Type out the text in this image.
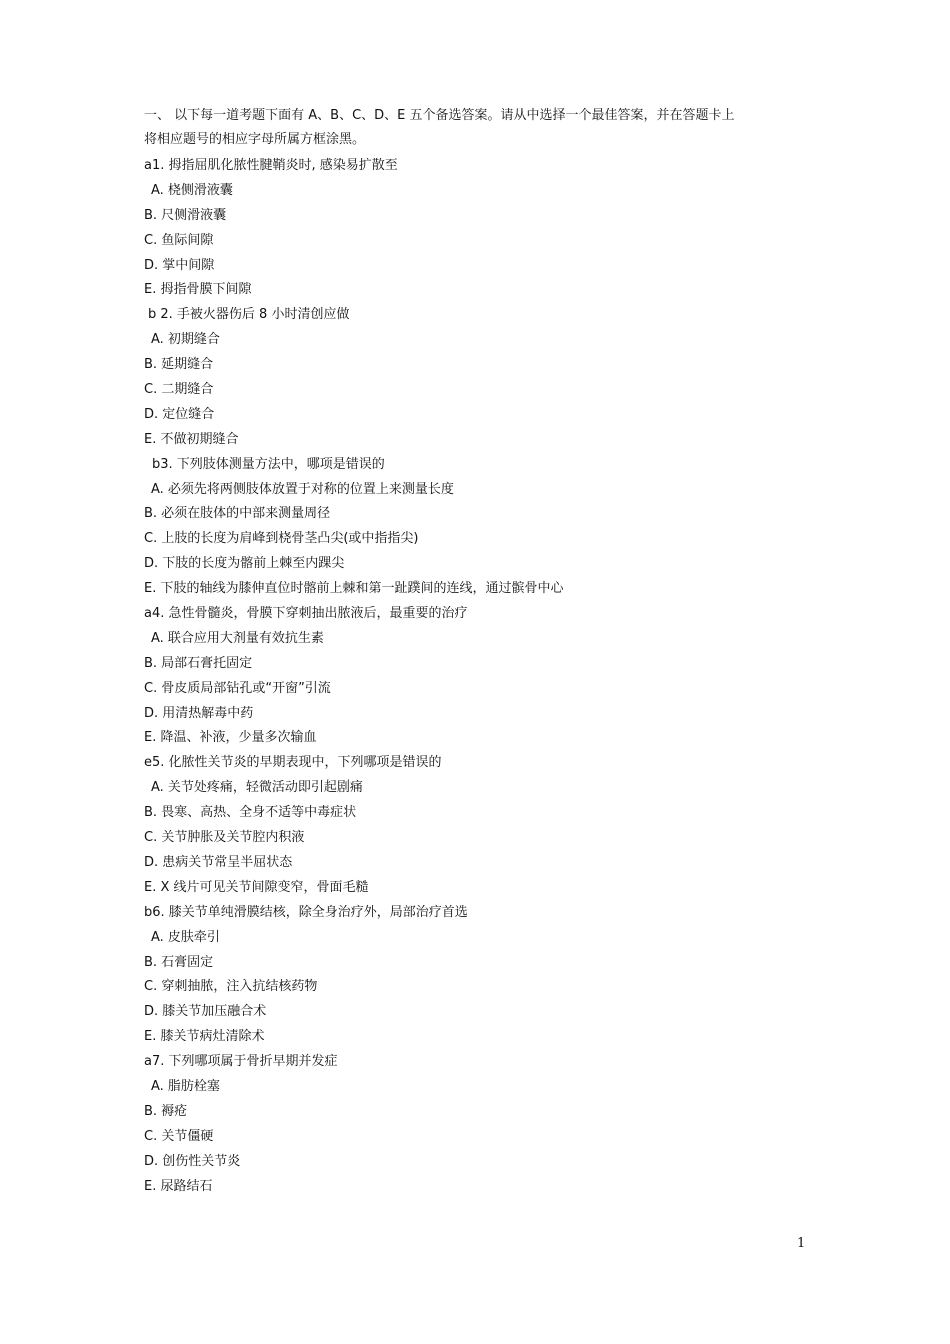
一、 以下每一道考题下面有 A、B、C、D、E 五个备选答案。请从中选择一个最佳答案，并在答题卡上
将相应题号的相应字母所属方框涂黑。

a1. 拇指屈肌化脓性腱鞘炎时, 感染易扩散至
A. 桡侧滑液囊
B. 尺侧滑液囊
C. 鱼际间隙
D. 掌中间隙
E. 拇指骨膜下间隙
b 2. 手被火器伤后 8 小时清创应做
A. 初期缝合
B. 延期缝合
C. 二期缝合
D. 定位缝合
E. 不做初期缝合
b3. 下列肢体测量方法中，哪项是错误的
A. 必须先将两侧肢体放置于对称的位置上来测量长度
B. 必须在肢体的中部来测量周径
C. 上肢的长度为肩峰到桡骨茎凸尖(或中指指尖)
D. 下肢的长度为髂前上棘至内踝尖
E. 下肢的轴线为膝伸直位时髂前上棘和第一趾蹼间的连线，通过髌骨中心
a4. 急性骨髓炎，骨膜下穿刺抽出脓液后，最重要的治疗
A. 联合应用大剂量有效抗生素
B. 局部石膏托固定
C. 骨皮质局部钻孔或“开窗”引流
D. 用清热解毒中药
E. 降温、补液，少量多次输血
e5. 化脓性关节炎的早期表现中，下列哪项是错误的
A. 关节处疼痛，轻微活动即引起剧痛
B. 畏寒、高热、全身不适等中毒症状
C. 关节肿胀及关节腔内积液
D. 患病关节常呈半屈状态
E. X 线片可见关节间隙变窄，骨面毛糙
b6. 膝关节单纯滑膜结核，除全身治疗外，局部治疗首选
A. 皮肤牵引
B. 石膏固定
C. 穿刺抽脓，注入抗结核药物
D. 膝关节加压融合术
E. 膝关节病灶清除术
a7. 下列哪项属于骨折早期并发症
A. 脂肪栓塞
B. 褥疮
C. 关节僵硬
D. 创伤性关节炎
E. 尿路结石
1
